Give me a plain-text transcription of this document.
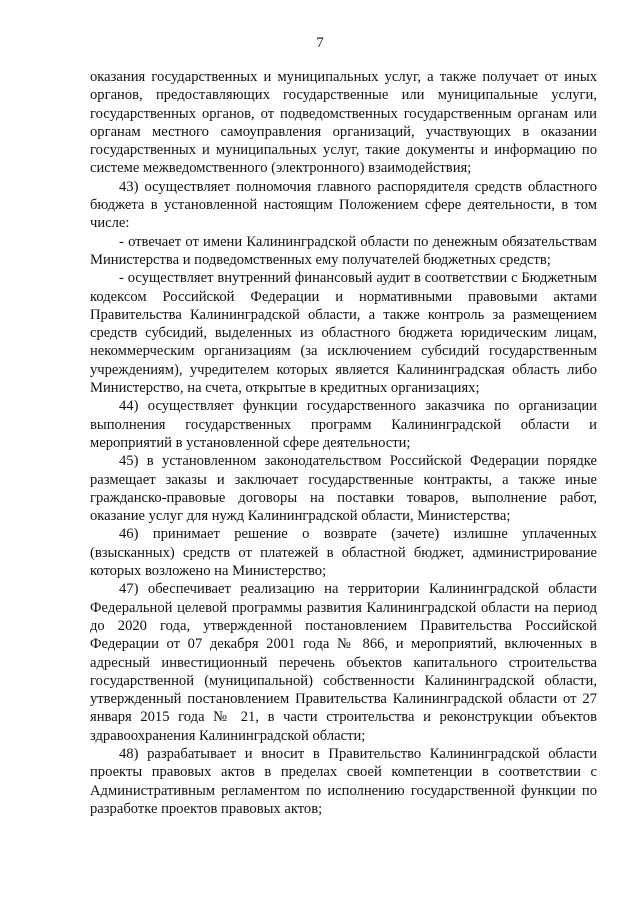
7

оказания государственных и муниципальных услуг, а также получает от иных органов, предоставляющих государственные или муниципальные услуги, государственных органов, от подведомственных государственным органам или органам местного самоуправления организаций, участвующих в оказании государственных и муниципальных услуг, такие документы и информацию по системе межведомственного (электронного) взаимодействия;

43) осуществляет полномочия главного распорядителя средств областного бюджета в установленной настоящим Положением сфере деятельности, в том числе:

- отвечает от имени Калининградской области по денежным обязательствам Министерства и подведомственных ему получателей бюджетных средств;

- осуществляет внутренний финансовый аудит в соответствии с Бюджетным кодексом Российской Федерации и нормативными правовыми актами Правительства Калининградской области, а также контроль за размещением средств субсидий, выделенных из областного бюджета юридическим лицам, некоммерческим организациям (за исключением субсидий государственным учреждениям), учредителем которых является Калининградская область либо Министерство, на счета, открытые в кредитных организациях;

44) осуществляет функции государственного заказчика по организации выполнения государственных программ Калининградской области и мероприятий в установленной сфере деятельности;

45) в установленном законодательством Российской Федерации порядке размещает заказы и заключает государственные контракты, а также иные гражданско-правовые договоры на поставки товаров, выполнение работ, оказание услуг для нужд Калининградской области, Министерства;

46) принимает решение о возврате (зачете) излишне уплаченных (взысканных) средств от платежей в областной бюджет, администрирование которых возложено на Министерство;

47) обеспечивает реализацию на территории Калининградской области Федеральной целевой программы развития Калининградской области на период до 2020 года, утвержденной постановлением Правительства Российской Федерации от 07 декабря 2001 года № 866, и мероприятий, включенных в адресный инвестиционный перечень объектов капитального строительства государственной (муниципальной) собственности Калининградской области, утвержденный постановлением Правительства Калининградской области от 27 января 2015 года № 21, в части строительства и реконструкции объектов здравоохранения Калининградской области;

48) разрабатывает и вносит в Правительство Калининградской области проекты правовых актов в пределах своей компетенции в соответствии с Административным регламентом по исполнению государственной функции по разработке проектов правовых актов;
